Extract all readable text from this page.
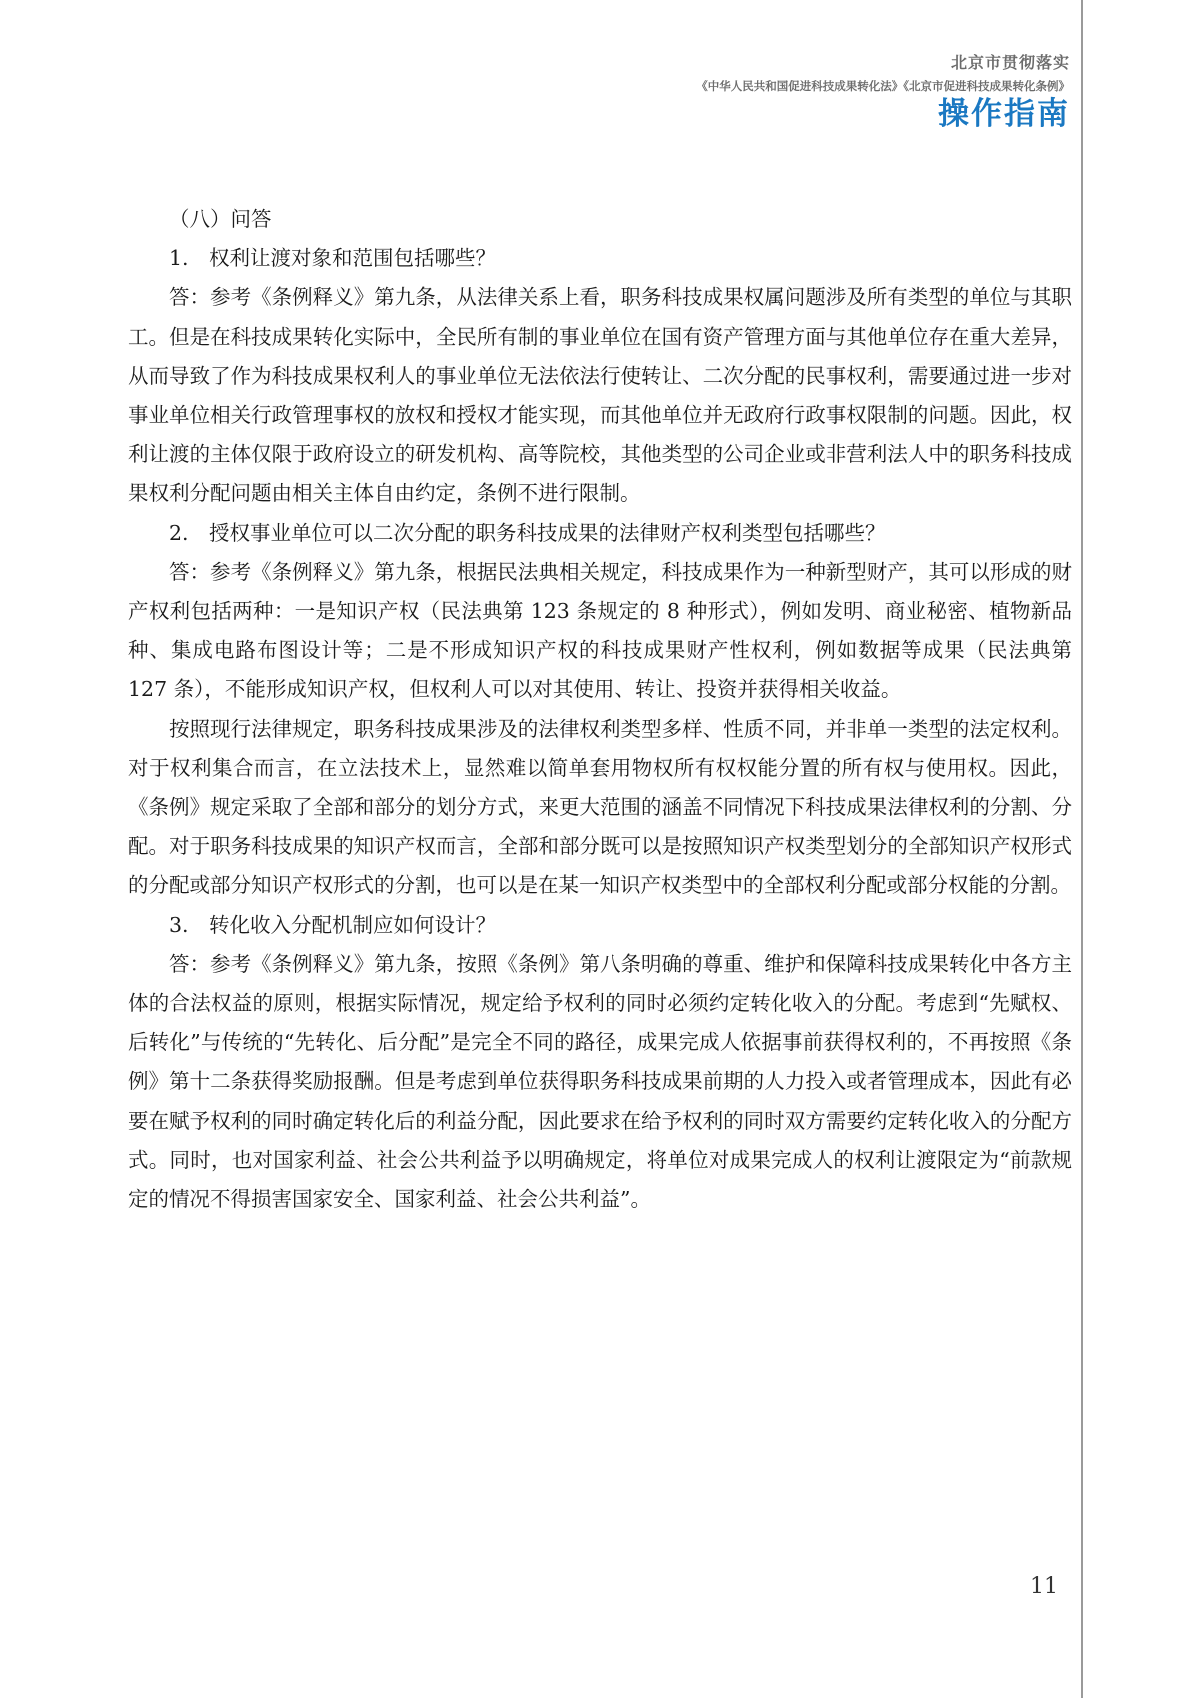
北京市贯彻落实
《中华人民共和国促进科技成果转化法》《北京市促进科技成果转化条例》
操作指南

（八）问答

1.　权利让渡对象和范围包括哪些？

答：参考《条例释义》第九条，从法律关系上看，职务科技成果权属问题涉及所有类型的单位与其职工。但是在科技成果转化实际中，全民所有制的事业单位在国有资产管理方面与其他单位存在重大差异，从而导致了作为科技成果权利人的事业单位无法依法行使转让、二次分配的民事权利，需要通过进一步对事业单位相关行政管理事权的放权和授权才能实现，而其他单位并无政府行政事权限制的问题。因此，权利让渡的主体仅限于政府设立的研发机构、高等院校，其他类型的公司企业或非营利法人中的职务科技成果权利分配问题由相关主体自由约定，条例不进行限制。

2.　授权事业单位可以二次分配的职务科技成果的法律财产权利类型包括哪些？

答：参考《条例释义》第九条，根据民法典相关规定，科技成果作为一种新型财产，其可以形成的财产权利包括两种：一是知识产权（民法典第 123 条规定的 8 种形式），例如发明、商业秘密、植物新品种、集成电路布图设计等；二是不形成知识产权的科技成果财产性权利，例如数据等成果（民法典第 127 条），不能形成知识产权，但权利人可以对其使用、转让、投资并获得相关收益。

按照现行法律规定，职务科技成果涉及的法律权利类型多样、性质不同，并非单一类型的法定权利。对于权利集合而言，在立法技术上，显然难以简单套用物权所有权权能分置的所有权与使用权。因此，《条例》规定采取了全部和部分的划分方式，来更大范围的涵盖不同情况下科技成果法律权利的分割、分配。对于职务科技成果的知识产权而言，全部和部分既可以是按照知识产权类型划分的全部知识产权形式的分配或部分知识产权形式的分割，也可以是在某一知识产权类型中的全部权利分配或部分权能的分割。

3.　转化收入分配机制应如何设计？

答：参考《条例释义》第九条，按照《条例》第八条明确的尊重、维护和保障科技成果转化中各方主体的合法权益的原则，根据实际情况，规定给予权利的同时必须约定转化收入的分配。考虑到“先赋权、后转化”与传统的“先转化、后分配”是完全不同的路径，成果完成人依据事前获得权利的，不再按照《条例》第十二条获得奖励报酬。但是考虑到单位获得职务科技成果前期的人力投入或者管理成本，因此有必要在赋予权利的同时确定转化后的利益分配，因此要求在给予权利的同时双方需要约定转化收入的分配方式。同时，也对国家利益、社会公共利益予以明确规定，将单位对成果完成人的权利让渡限定为“前款规定的情况不得损害国家安全、国家利益、社会公共利益”。

11
